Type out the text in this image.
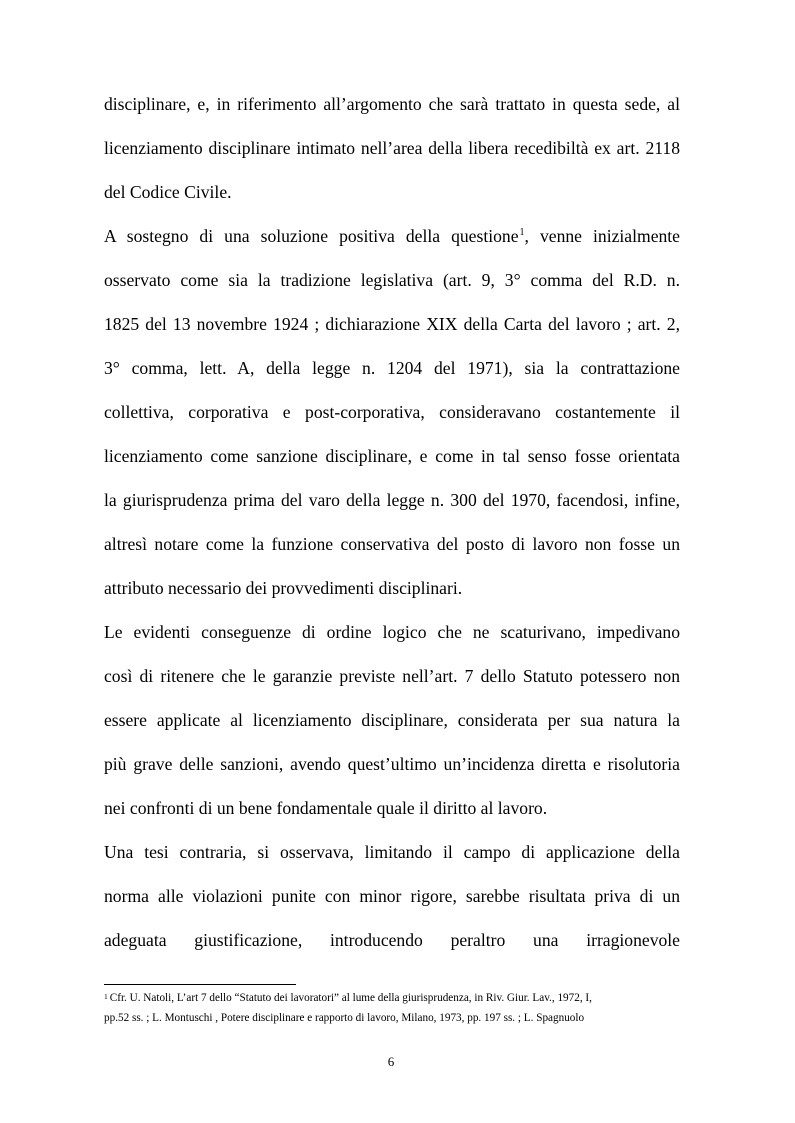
disciplinare, e, in riferimento all’argomento che sarà trattato in questa sede, al
licenziamento disciplinare intimato nell’area della libera recedibiltà ex art. 2118
del Codice Civile.
A sostegno di una soluzione positiva della questione$^1$, venne inizialmente
osservato come sia la tradizione legislativa (art. 9, 3° comma del R.D. n.
1825 del 13 novembre 1924 ; dichiarazione XIX della Carta del lavoro ; art. 2,
3° comma, lett. A, della legge n. 1204 del 1971), sia la contrattazione
collettiva, corporativa e post-corporativa, consideravano costantemente il
licenziamento come sanzione disciplinare, e come in tal senso fosse orientata
la giurisprudenza prima del varo della legge n. 300 del 1970, facendosi, infine,
altresì notare come la funzione conservativa del posto di lavoro non fosse un
attributo necessario dei provvedimenti disciplinari.
Le evidenti conseguenze di ordine logico che ne scaturivano, impedivano
così di ritenere che le garanzie previste nell’art. 7 dello Statuto potessero non
essere applicate al licenziamento disciplinare, considerata per sua natura la
più grave delle sanzioni, avendo quest’ultimo un’incidenza diretta e risolutoria
nei confronti di un bene fondamentale quale il diritto al lavoro.
Una tesi contraria, si osservava, limitando il campo di applicazione della
norma alle violazioni punite con minor rigore, sarebbe risultata priva di un
adeguata giustificazione, introducendo peraltro una irragionevole
$^1$ Cfr. U. Natoli, L’art 7 dello “Statuto dei lavoratori” al lume della giurisprudenza, in Riv. Giur. Lav., 1972, I,
pp.52 ss. ; L. Montuschi , Potere disciplinare e rapporto di lavoro, Milano, 1973, pp. 197 ss. ; L. Spagnuolo
6
